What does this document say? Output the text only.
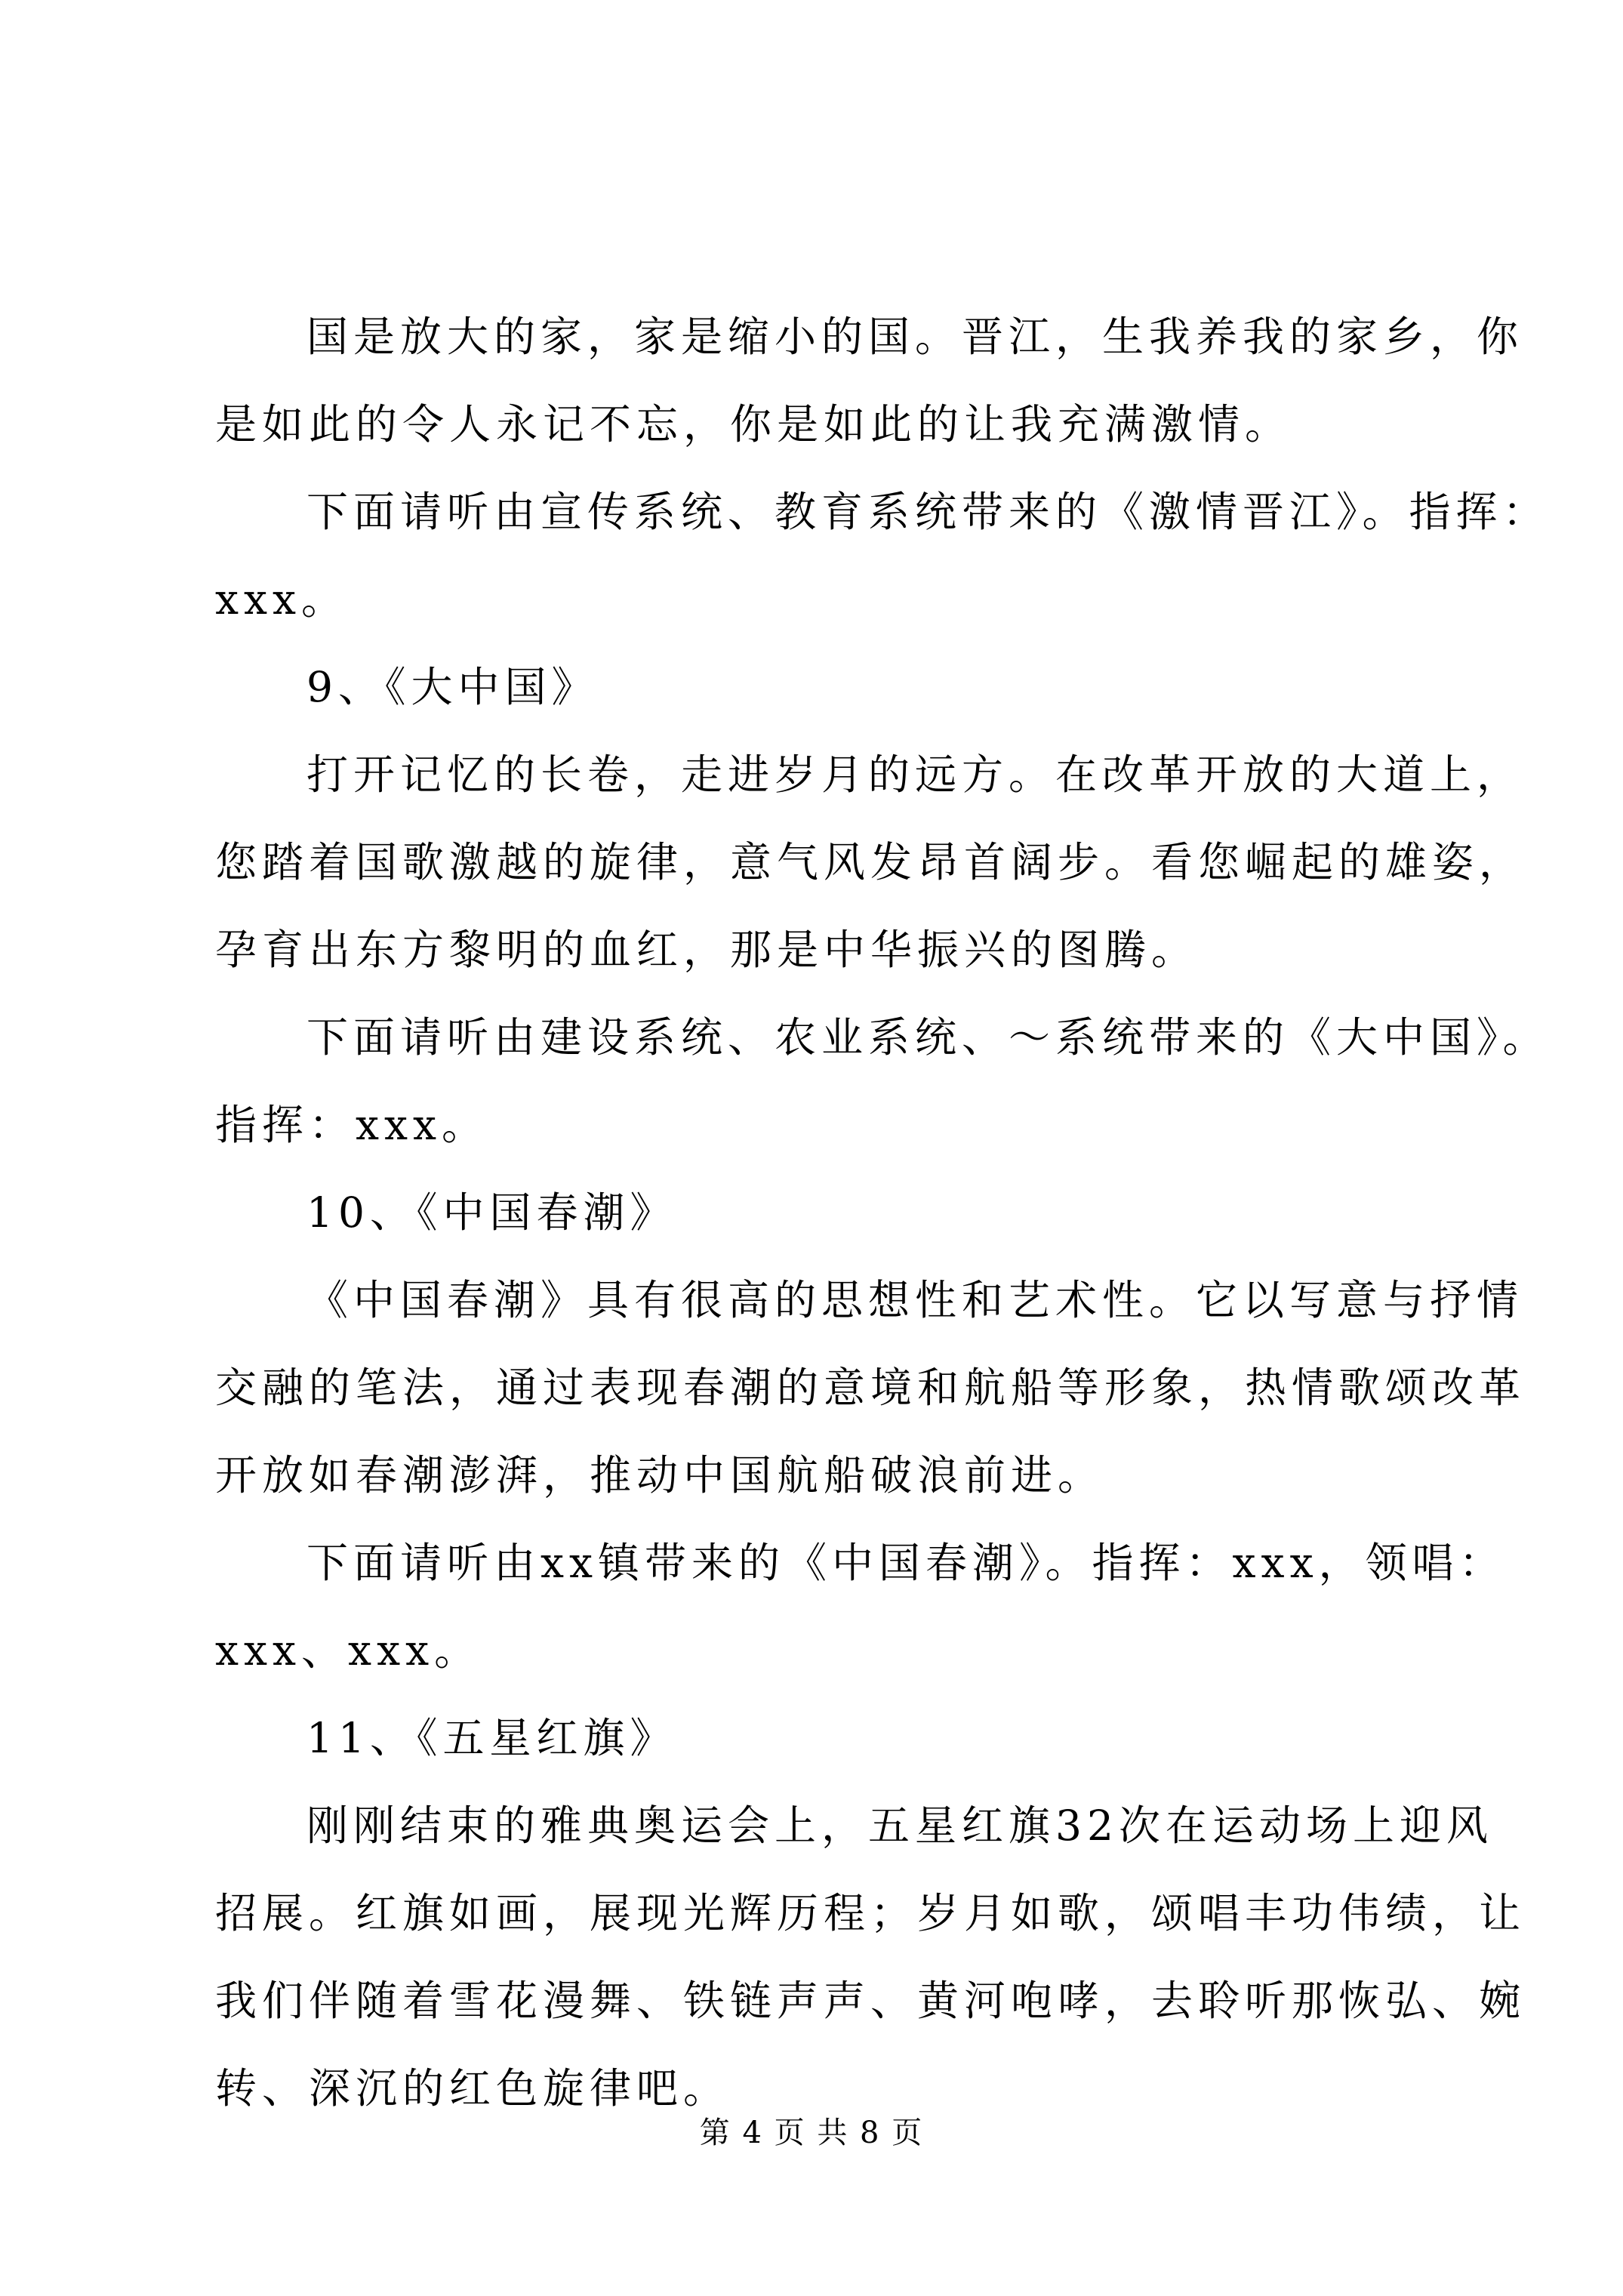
国是放大的家，家是缩小的国。晋江，生我养我的家乡，你
是如此的令人永记不忘，你是如此的让我充满激情。
下面请听由宣传系统、教育系统带来的《激情晋江》。指挥：
xxx。
9、《大中国》
打开记忆的长卷，走进岁月的远方。在改革开放的大道上，
您踏着国歌激越的旋律，意气风发昂首阔步。看您崛起的雄姿，
孕育出东方黎明的血红，那是中华振兴的图腾。
下面请听由建设系统、农业系统、～系统带来的《大中国》。
指挥：xxx。
10、《中国春潮》
《中国春潮》具有很高的思想性和艺术性。它以写意与抒情
交融的笔法，通过表现春潮的意境和航船等形象，热情歌颂改革
开放如春潮澎湃，推动中国航船破浪前进。
下面请听由xx镇带来的《中国春潮》。指挥：xxx，领唱：
xxx、xxx。
11、《五星红旗》
刚刚结束的雅典奥运会上，五星红旗32次在运动场上迎风
招展。红旗如画，展现光辉历程；岁月如歌，颂唱丰功伟绩，让
我们伴随着雪花漫舞、铁链声声、黄河咆哮，去聆听那恢弘、婉
转、深沉的红色旋律吧。
第 4 页 共 8 页
